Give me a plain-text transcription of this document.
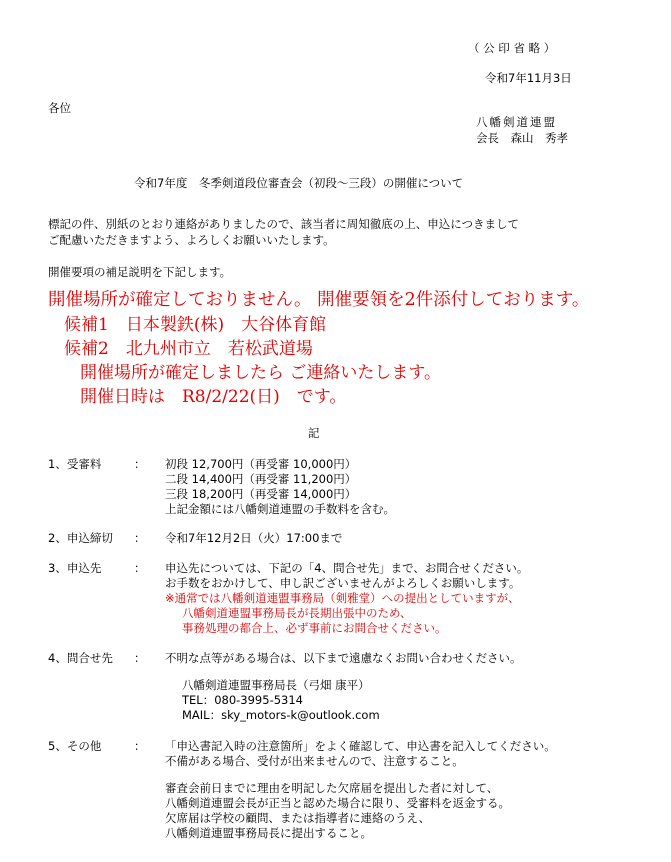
（ 公 印 省 略 ）
令和7年11月3日
各位
八幡剣道連盟
会長　森山　秀孝
令和7年度　冬季剣道段位審査会（初段～三段）の開催について
標記の件、別紙のとおり連絡がありましたので、該当者に周知徹底の上、申込につきまして
ご配慮いただきますよう、よろしくお願いいたします。
開催要項の補足説明を下記します。
開催場所が確定しておりません。 開催要領を2件添付しております。
候補1　日本製鉄(株)　大谷体育館
候補2　北九州市立　若松武道場
開催場所が確定しましたら ご連絡いたします。
開催日時は　R8/2/22(日)　です。
記
1、受審料	： 初段 12,700円（再受審 10,000円）
二段 14,400円（再受審 11,200円）
三段 18,200円（再受審 14,000円）
上記金額には八幡剣道連盟の手数料を含む。
2、申込締切 ： 令和7年12月2日（火）17:00まで
3、申込先	： 申込先については、下記の「4、問合せ先」まで、お問合せください。
お手数をおかけして、申し訳ございませんがよろしくお願いします。
※通常では八幡剣道連盟事務局（剣雅堂）への提出としていますが、
八幡剣道連盟事務局長が長期出張中のため、
事務処理の都合上、必ず事前にお問合せください。
4、問合せ先 ： 不明な点等がある場合は、以下まで遠慮なくお問い合わせください。
八幡剣道連盟事務局長（弓畑 康平）
TEL：080-3995-5314
MAIL：sky_motors-k@outlook.com
5、その他	： 「申込書記入時の注意箇所」をよく確認して、申込書を記入してください。
不備がある場合、受付が出来ませんので、注意すること。
審査会前日までに理由を明記した欠席届を提出した者に対して、
八幡剣道連盟会長が正当と認めた場合に限り、受審料を返金する。
欠席届は学校の顧問、または指導者に連絡のうえ、
八幡剣道連盟事務局長に提出すること。
